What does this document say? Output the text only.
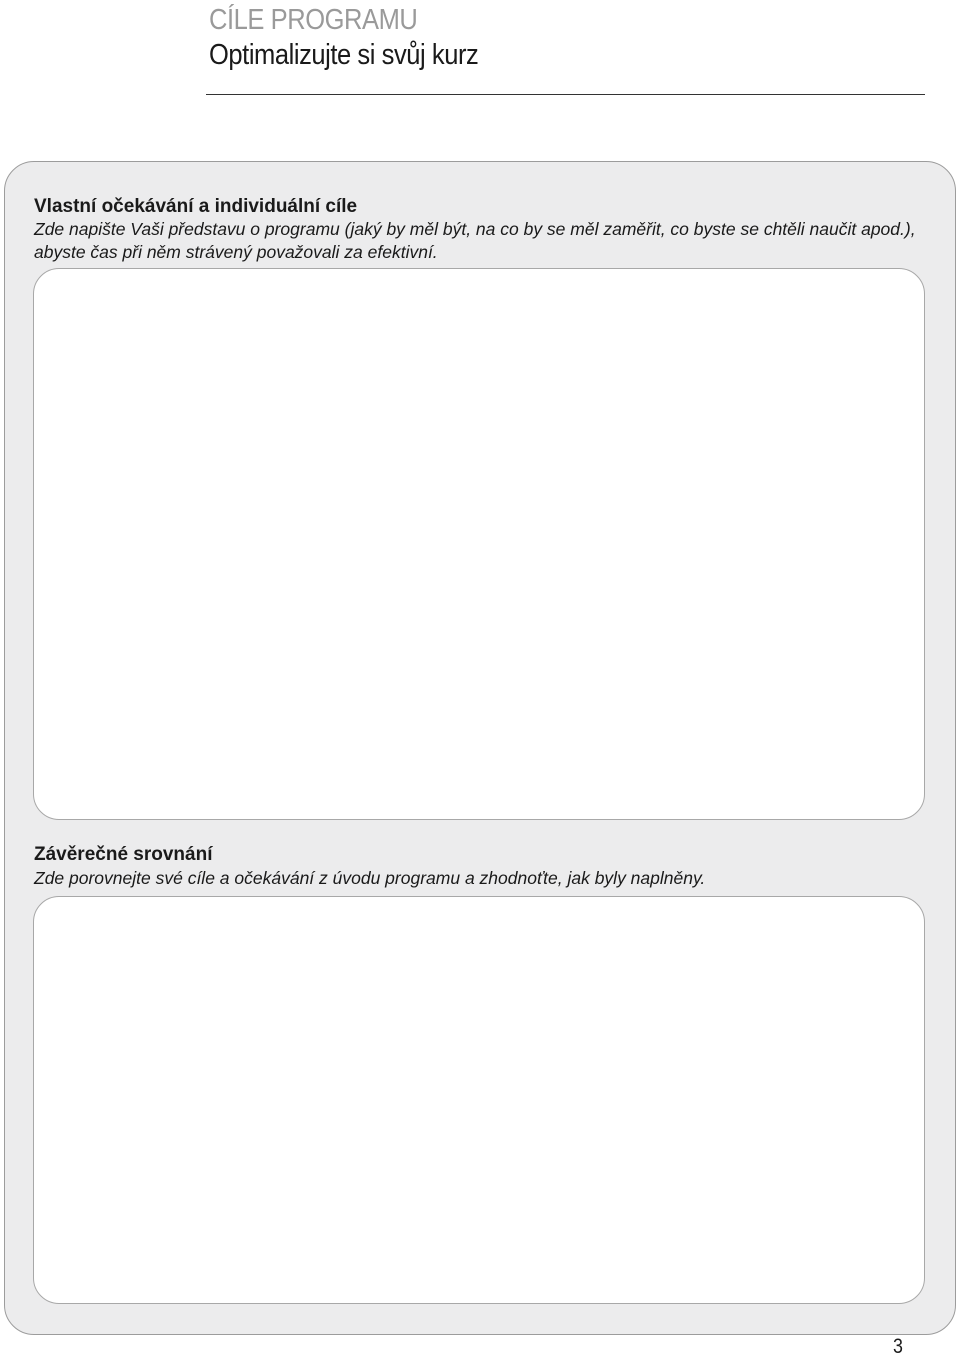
CÍLE PROGRAMU
Optimalizujte si svůj kurz
Vlastní očekávání a individuální cíle
Zde napište Vaši představu o programu (jaký by měl být, na co by se měl zaměřit, co byste se chtěli naučit apod.), abyste čas při něm strávený považovali za efektivní.
Závěrečné srovnání
Zde porovnejte své cíle a očekávání z úvodu programu a zhodnoťte, jak byly naplněny.
3
